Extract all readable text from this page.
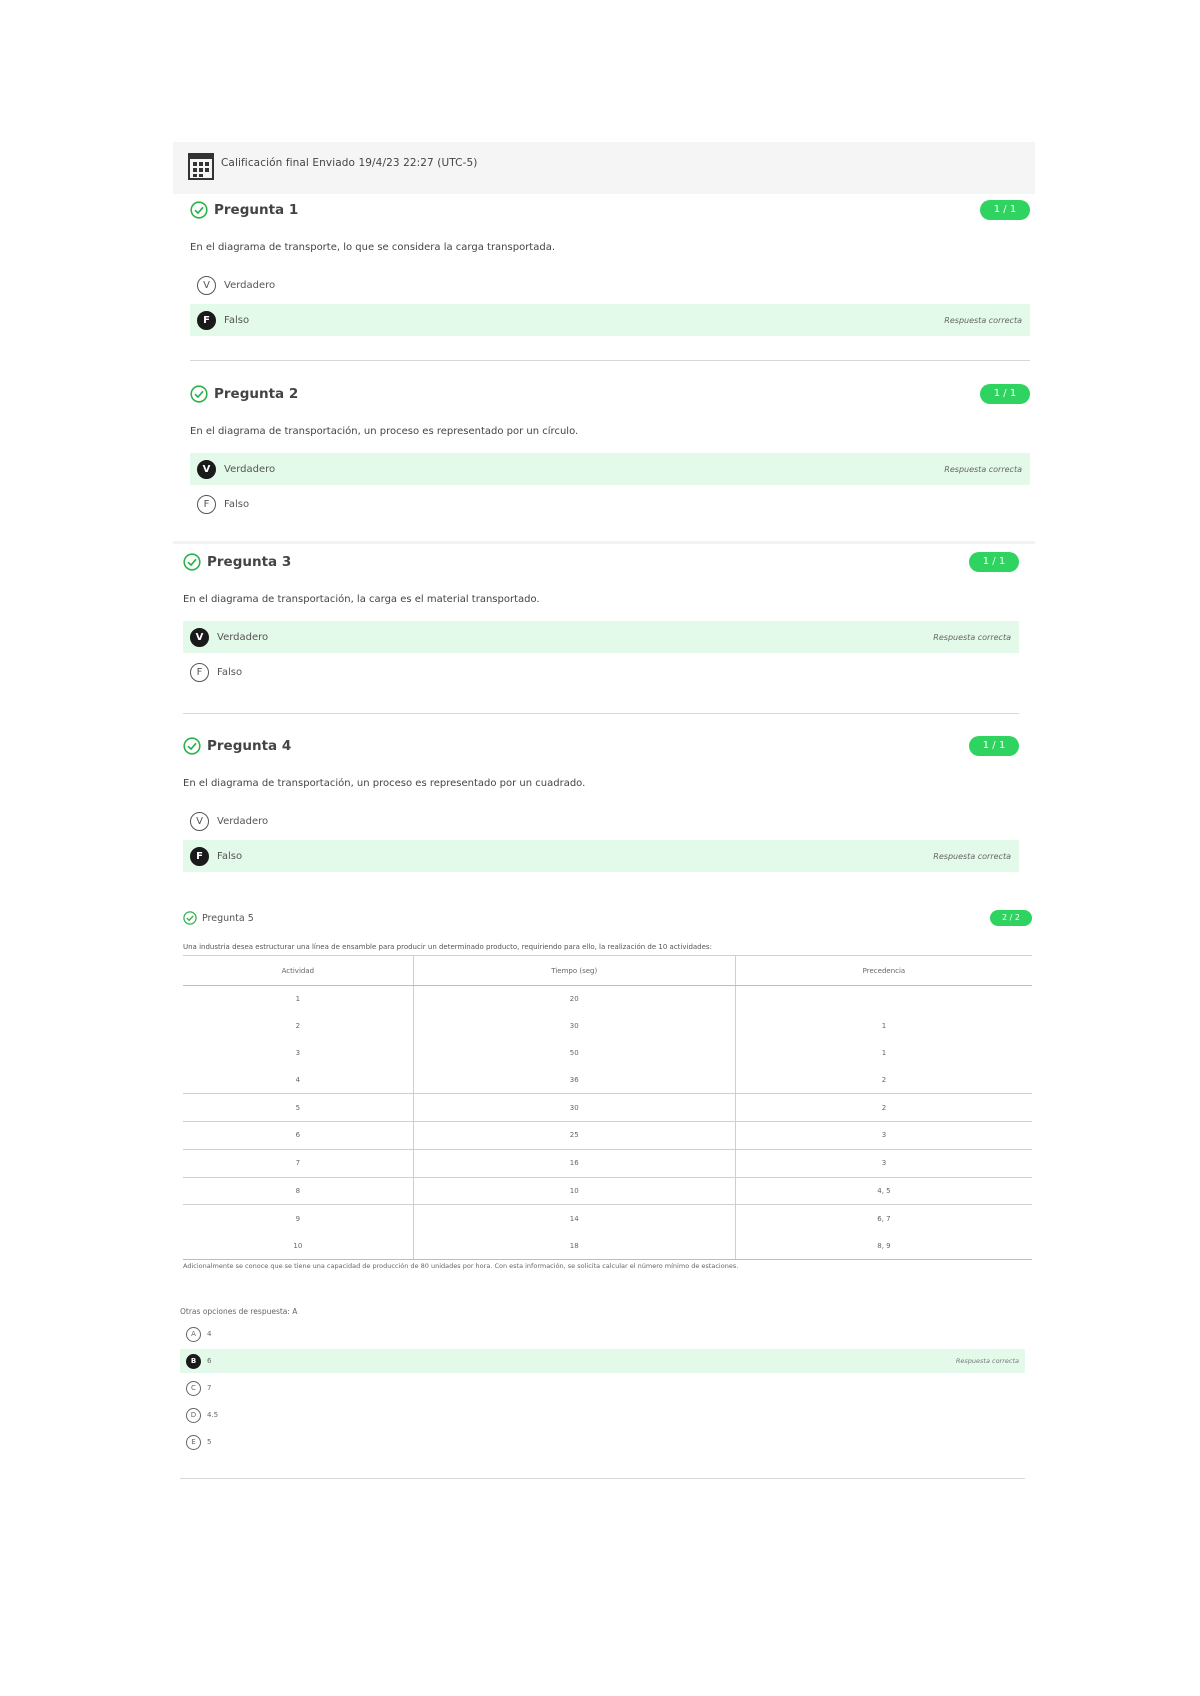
Calificación final Enviado 19/4/23 22:27 (UTC-5)
Pregunta 1	1 / 1
En el diagrama de transporte, lo que se considera la carga transportada.
V	Verdadero
F	Falso	Respuesta correcta
Pregunta 2	1 / 1
En el diagrama de transportación, un proceso es representado por un círculo.
V	Verdadero	Respuesta correcta
F	Falso
Pregunta 3	1 / 1
En el diagrama de transportación, la carga es el material transportado.
V	Verdadero	Respuesta correcta
F	Falso
Pregunta 4	1 / 1
En el diagrama de transportación, un proceso es representado por un cuadrado.
V	Verdadero
F	Falso	Respuesta correcta
Pregunta 5	2 / 2
Una industria desea estructurar una línea de ensamble para producir un determinado producto, requiriendo para ello, la realización de 10 actividades:
Actividad	Tiempo (seg)	Precedencia
1	20	
2	30	1
3	50	1
4	36	2
5	30	2
6	25	3
7	16	3
8	10	4, 5
9	14	6, 7
10	18	8, 9
Adicionalmente se conoce que se tiene una capacidad de producción de 80 unidades por hora. Con esta información, se solicita calcular el número mínimo de estaciones.
Otras opciones de respuesta: A
A	4
B	6	Respuesta correcta
C	7
D	4.5
E	5
